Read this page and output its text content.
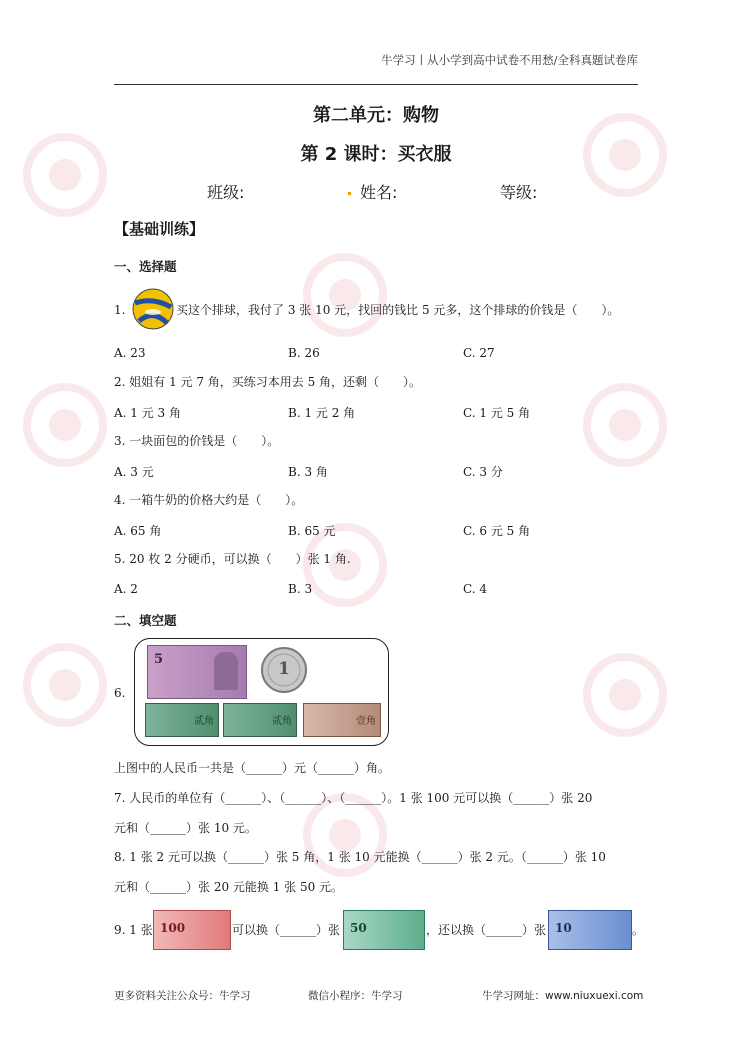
牛学习丨从小学到高中试卷不用愁/全科真题试卷库
第二单元：购物
第 2 课时：买衣服
班级:	姓名:	等级:
【基础训练】
一、选择题
1.	买这个排球，我付了 3 张 10 元，找回的钱比 5 元多，这个排球的价钱是（　　）。
A. 23	B. 26	C. 27
2. 姐姐有 1 元 7 角，买练习本用去 5 角，还剩（　　）。
A. 1 元 3 角	B. 1 元 2 角	C. 1 元 5 角
3. 一块面包的价钱是（　　）。
A. 3 元	B. 3 角	C. 3 分
4. 一箱牛奶的价格大约是（　　）。
A. 65 角	B. 65 元	C. 6 元 5 角
5. 20 枚 2 分硬币，可以换（　　）张 1 角.
A. 2	B. 3	C. 4
二、填空题
6.
5	1
贰角	贰角	壹角
上图中的人民币一共是（______）元（______）角。
7. 人民币的单位有（______）、（______）、（______）。1 张 100 元可以换（______）张 20
元和（______）张 10 元。
8. 1 张 2 元可以换（______）张 5 角，1 张 10 元能换（______）张 2 元。（______）张 10
元和（______）张 20 元能换 1 张 50 元。
9. 1 张 100	可以换（______）张 50	，还以换（______）张 10	。
更多资料关注公众号：牛学习	微信小程序：牛学习	牛学习网址：www.niuxuexi.com
